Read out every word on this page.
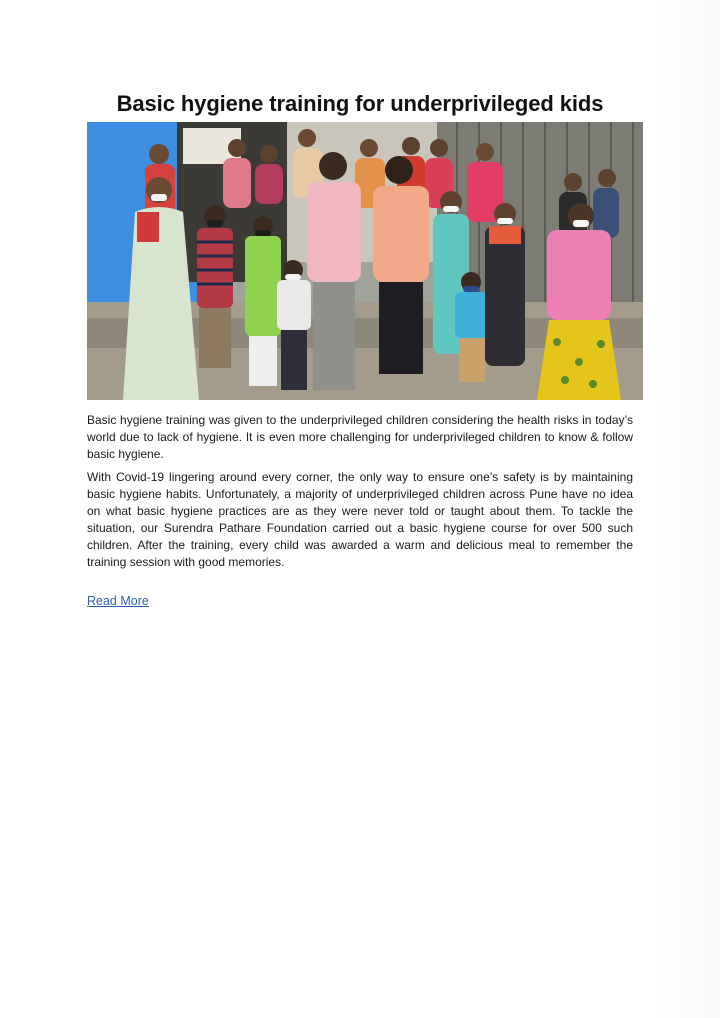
Basic hygiene training for underprivileged kids

Basic hygiene training was given to the underprivileged children considering the health risks in today’s world due to lack of hygiene. It is even more challenging for underprivileged children to know & follow basic hygiene.

With Covid-19 lingering around every corner, the only way to ensure one’s safety is by maintaining basic hygiene habits. Unfortunately, a majority of underprivileged children across Pune have no idea on what basic hygiene practices are as they were never told or taught about them. To tackle the situation, our Surendra Pathare Foundation carried out a basic hygiene course for over 500 such children. After the training, every child was awarded a warm and delicious meal to remember the training session with good memories.

Read More
